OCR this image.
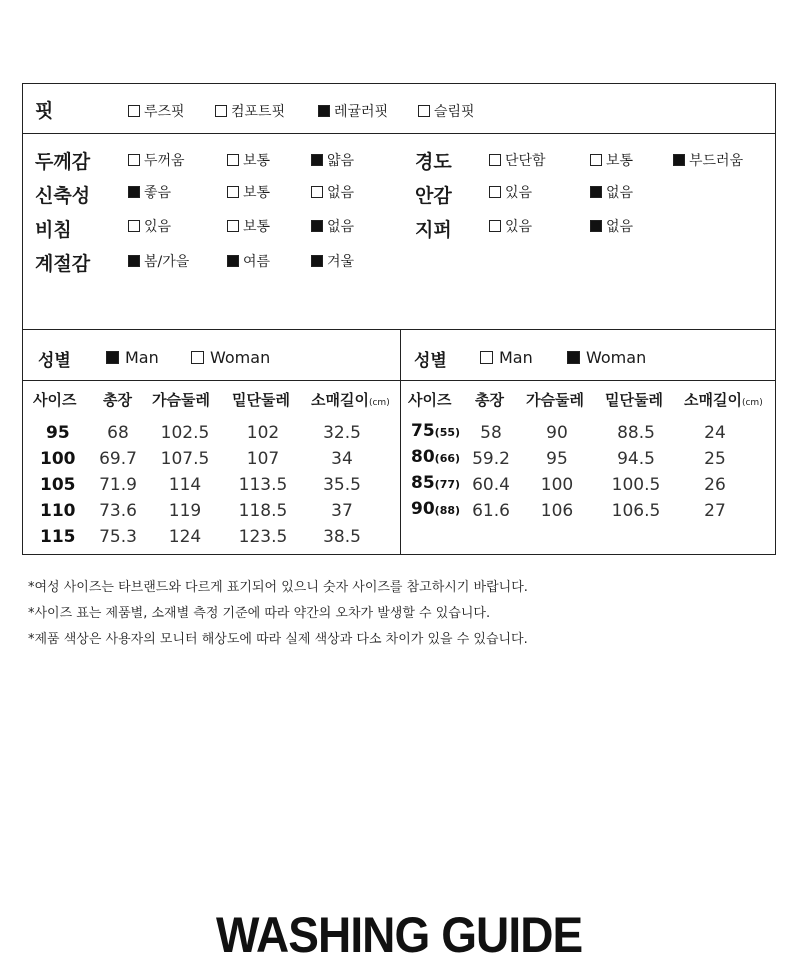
핏	루즈핏	컴포트핏	레귤러핏	슬림핏
두께감	두꺼움	보통	얇음
신축성	좋음	보통	없음
비침	있음	보통	없음
계절감	봄/가을	여름	겨울
경도	단단함	보통	부드러움
안감	있음	없음
지퍼	있음	없음
성별	Man	Woman	성별	Man	Woman
사이즈 총장 가슴둘레 밑단둘레 소매길이(cm) 사이즈 총장 가슴둘레 밑단둘레 소매길이(cm)
95	68	102.5	102	32.5
100	69.7	107.5	107	34
105	71.9	114	113.5	35.5
110	73.6	119	118.5	37
115	75.3	124	123.5	38.5
75(55)	58	90	88.5	24
80(66) 59.2	95	94.5	25
85(77) 60.4	100	100.5	26
90(88) 61.6	106	106.5	27
*여성 사이즈는 타브랜드와 다르게 표기되어 있으니 숫자 사이즈를 참고하시기 바랍니다.
*사이즈 표는 제품별, 소재별 측정 기준에 따라 약간의 오차가 발생할 수 있습니다.
*제품 색상은 사용자의 모니터 해상도에 따라 실제 색상과 다소 차이가 있을 수 있습니다.
WASHING GUIDE
